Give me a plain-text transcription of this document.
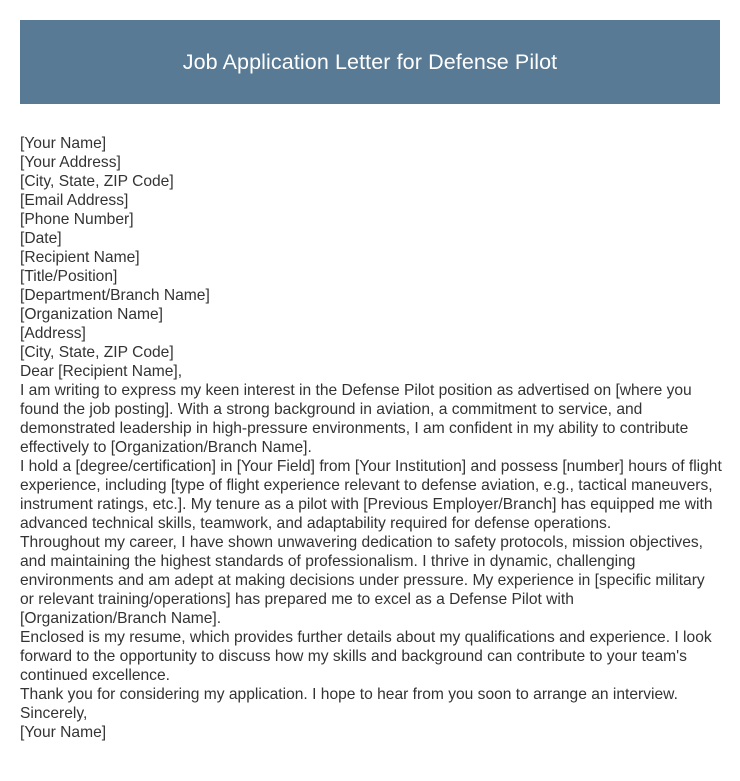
Job Application Letter for Defense Pilot

[Your Name]

[Your Address]

[City, State, ZIP Code]

[Email Address]

[Phone Number]

[Date]

[Recipient Name]

[Title/Position]

[Department/Branch Name]

[Organization Name]

[Address]

[City, State, ZIP Code]

Dear [Recipient Name],

I am writing to express my keen interest in the Defense Pilot position as advertised on [where you found the job posting]. With a strong background in aviation, a commitment to service, and demonstrated leadership in high-pressure environments, I am confident in my ability to contribute effectively to [Organization/Branch Name].

I hold a [degree/certification] in [Your Field] from [Your Institution] and possess [number] hours of flight experience, including [type of flight experience relevant to defense aviation, e.g., tactical maneuvers, instrument ratings, etc.]. My tenure as a pilot with [Previous Employer/Branch] has equipped me with advanced technical skills, teamwork, and adaptability required for defense operations.

Throughout my career, I have shown unwavering dedication to safety protocols, mission objectives, and maintaining the highest standards of professionalism. I thrive in dynamic, challenging environments and am adept at making decisions under pressure. My experience in [specific military or relevant training/operations] has prepared me to excel as a Defense Pilot with [Organization/Branch Name].

Enclosed is my resume, which provides further details about my qualifications and experience. I look forward to the opportunity to discuss how my skills and background can contribute to your team's continued excellence.

Thank you for considering my application. I hope to hear from you soon to arrange an interview.

Sincerely,

[Your Name]
